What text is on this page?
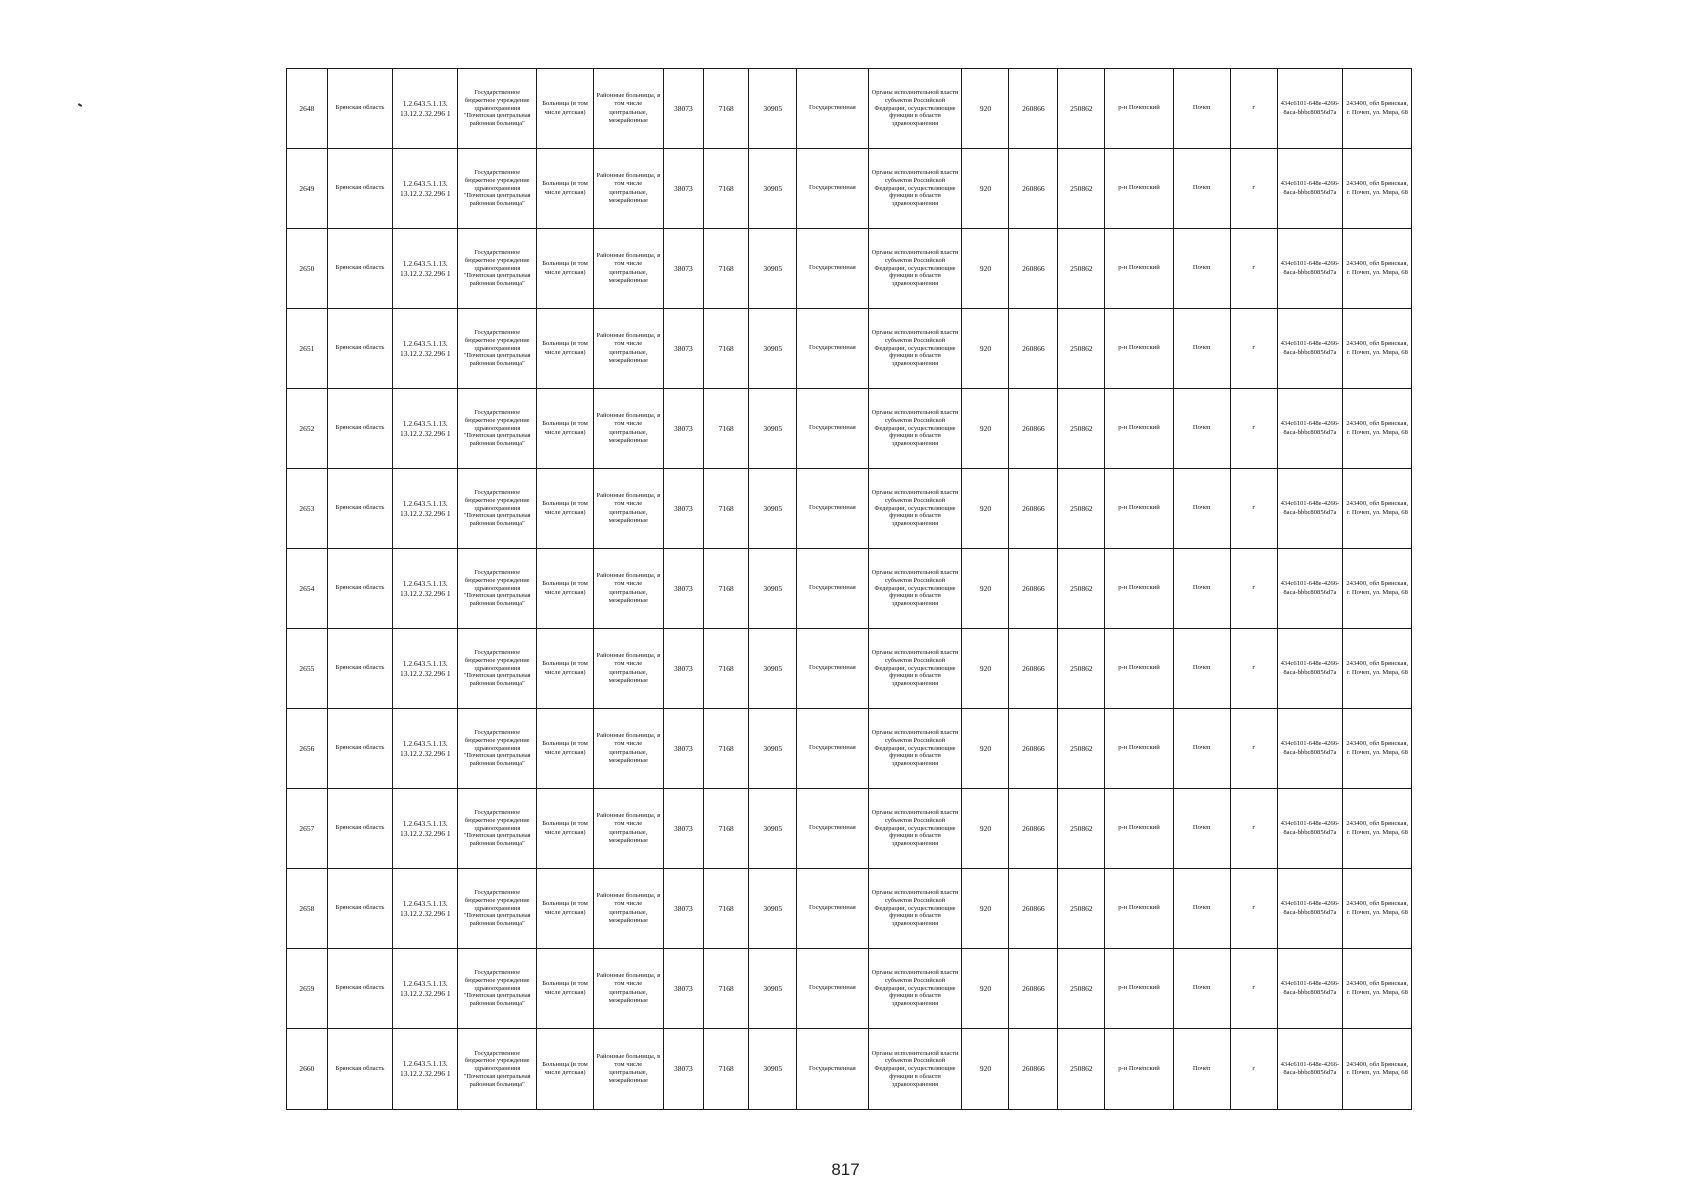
2648	Брянская область	1.2.643.5.1.13. 13.12.2.32.296 1	Государственное бюджетное учреждение здравоохранения "Почепская центральная районная больница"	Больница (в том числе детская)	Районные больницы, в том числе центральные, межрайонные	38073	7168	30905	Государственная	Органы исполнительной власти субъектов Российской Федерации, осуществляющие функции в области здравоохранения	920	260866	250862	р-н Почепский	Почеп	г	434c6101-648e-4266-8aca-bbbc80856d7a	243400, обл Брянская, г. Почеп, ул. Мира, 68
2649	Брянская область	1.2.643.5.1.13. 13.12.2.32.296 1	Государственное бюджетное учреждение здравоохранения "Почепская центральная районная больница"	Больница (в том числе детская)	Районные больницы, в том числе центральные, межрайонные	38073	7168	30905	Государственная	Органы исполнительной власти субъектов Российской Федерации, осуществляющие функции в области здравоохранения	920	260866	250862	р-н Почепский	Почеп	г	434c6101-648e-4266-8aca-bbbc80856d7a	243400, обл Брянская, г. Почеп, ул. Мира, 68
2650	Брянская область	1.2.643.5.1.13. 13.12.2.32.296 1	Государственное бюджетное учреждение здравоохранения "Почепская центральная районная больница"	Больница (в том числе детская)	Районные больницы, в том числе центральные, межрайонные	38073	7168	30905	Государственная	Органы исполнительной власти субъектов Российской Федерации, осуществляющие функции в области здравоохранения	920	260866	250862	р-н Почепский	Почеп	г	434c6101-648e-4266-8aca-bbbc80856d7a	243400, обл Брянская, г. Почеп, ул. Мира, 68
2651	Брянская область	1.2.643.5.1.13. 13.12.2.32.296 1	Государственное бюджетное учреждение здравоохранения "Почепская центральная районная больница"	Больница (в том числе детская)	Районные больницы, в том числе центральные, межрайонные	38073	7168	30905	Государственная	Органы исполнительной власти субъектов Российской Федерации, осуществляющие функции в области здравоохранения	920	260866	250862	р-н Почепский	Почеп	г	434c6101-648e-4266-8aca-bbbc80856d7a	243400, обл Брянская, г. Почеп, ул. Мира, 68
2652	Брянская область	1.2.643.5.1.13. 13.12.2.32.296 1	Государственное бюджетное учреждение здравоохранения "Почепская центральная районная больница"	Больница (в том числе детская)	Районные больницы, в том числе центральные, межрайонные	38073	7168	30905	Государственная	Органы исполнительной власти субъектов Российской Федерации, осуществляющие функции в области здравоохранения	920	260866	250862	р-н Почепский	Почеп	г	434c6101-648e-4266-8aca-bbbc80856d7a	243400, обл Брянская, г. Почеп, ул. Мира, 68
2653	Брянская область	1.2.643.5.1.13. 13.12.2.32.296 1	Государственное бюджетное учреждение здравоохранения "Почепская центральная районная больница"	Больница (в том числе детская)	Районные больницы, в том числе центральные, межрайонные	38073	7168	30905	Государственная	Органы исполнительной власти субъектов Российской Федерации, осуществляющие функции в области здравоохранения	920	260866	250862	р-н Почепский	Почеп	г	434c6101-648e-4266-8aca-bbbc80856d7a	243400, обл Брянская, г. Почеп, ул. Мира, 68
2654	Брянская область	1.2.643.5.1.13. 13.12.2.32.296 1	Государственное бюджетное учреждение здравоохранения "Почепская центральная районная больница"	Больница (в том числе детская)	Районные больницы, в том числе центральные, межрайонные	38073	7168	30905	Государственная	Органы исполнительной власти субъектов Российской Федерации, осуществляющие функции в области здравоохранения	920	260866	250862	р-н Почепский	Почеп	г	434c6101-648e-4266-8aca-bbbc80856d7a	243400, обл Брянская, г. Почеп, ул. Мира, 68
2655	Брянская область	1.2.643.5.1.13. 13.12.2.32.296 1	Государственное бюджетное учреждение здравоохранения "Почепская центральная районная больница"	Больница (в том числе детская)	Районные больницы, в том числе центральные, межрайонные	38073	7168	30905	Государственная	Органы исполнительной власти субъектов Российской Федерации, осуществляющие функции в области здравоохранения	920	260866	250862	р-н Почепский	Почеп	г	434c6101-648e-4266-8aca-bbbc80856d7a	243400, обл Брянская, г. Почеп, ул. Мира, 68
2656	Брянская область	1.2.643.5.1.13. 13.12.2.32.296 1	Государственное бюджетное учреждение здравоохранения "Почепская центральная районная больница"	Больница (в том числе детская)	Районные больницы, в том числе центральные, межрайонные	38073	7168	30905	Государственная	Органы исполнительной власти субъектов Российской Федерации, осуществляющие функции в области здравоохранения	920	260866	250862	р-н Почепский	Почеп	г	434c6101-648e-4266-8aca-bbbc80856d7a	243400, обл Брянская, г. Почеп, ул. Мира, 68
2657	Брянская область	1.2.643.5.1.13. 13.12.2.32.296 1	Государственное бюджетное учреждение здравоохранения "Почепская центральная районная больница"	Больница (в том числе детская)	Районные больницы, в том числе центральные, межрайонные	38073	7168	30905	Государственная	Органы исполнительной власти субъектов Российской Федерации, осуществляющие функции в области здравоохранения	920	260866	250862	р-н Почепский	Почеп	г	434c6101-648e-4266-8aca-bbbc80856d7a	243400, обл Брянская, г. Почеп, ул. Мира, 68
2658	Брянская область	1.2.643.5.1.13. 13.12.2.32.296 1	Государственное бюджетное учреждение здравоохранения "Почепская центральная районная больница"	Больница (в том числе детская)	Районные больницы, в том числе центральные, межрайонные	38073	7168	30905	Государственная	Органы исполнительной власти субъектов Российской Федерации, осуществляющие функции в области здравоохранения	920	260866	250862	р-н Почепский	Почеп	г	434c6101-648e-4266-8aca-bbbc80856d7a	243400, обл Брянская, г. Почеп, ул. Мира, 68
2659	Брянская область	1.2.643.5.1.13. 13.12.2.32.296 1	Государственное бюджетное учреждение здравоохранения "Почепская центральная районная больница"	Больница (в том числе детская)	Районные больницы, в том числе центральные, межрайонные	38073	7168	30905	Государственная	Органы исполнительной власти субъектов Российской Федерации, осуществляющие функции в области здравоохранения	920	260866	250862	р-н Почепский	Почеп	г	434c6101-648e-4266-8aca-bbbc80856d7a	243400, обл Брянская, г. Почеп, ул. Мира, 68
2660	Брянская область	1.2.643.5.1.13. 13.12.2.32.296 1	Государственное бюджетное учреждение здравоохранения "Почепская центральная районная больница"	Больница (в том числе детская)	Районные больницы, в том числе центральные, межрайонные	38073	7168	30905	Государственная	Органы исполнительной власти субъектов Российской Федерации, осуществляющие функции в области здравоохранения	920	260866	250862	р-н Почепский	Почеп	г	434c6101-648e-4266-8aca-bbbc80856d7a	243400, обл Брянская, г. Почеп, ул. Мира, 68
817
